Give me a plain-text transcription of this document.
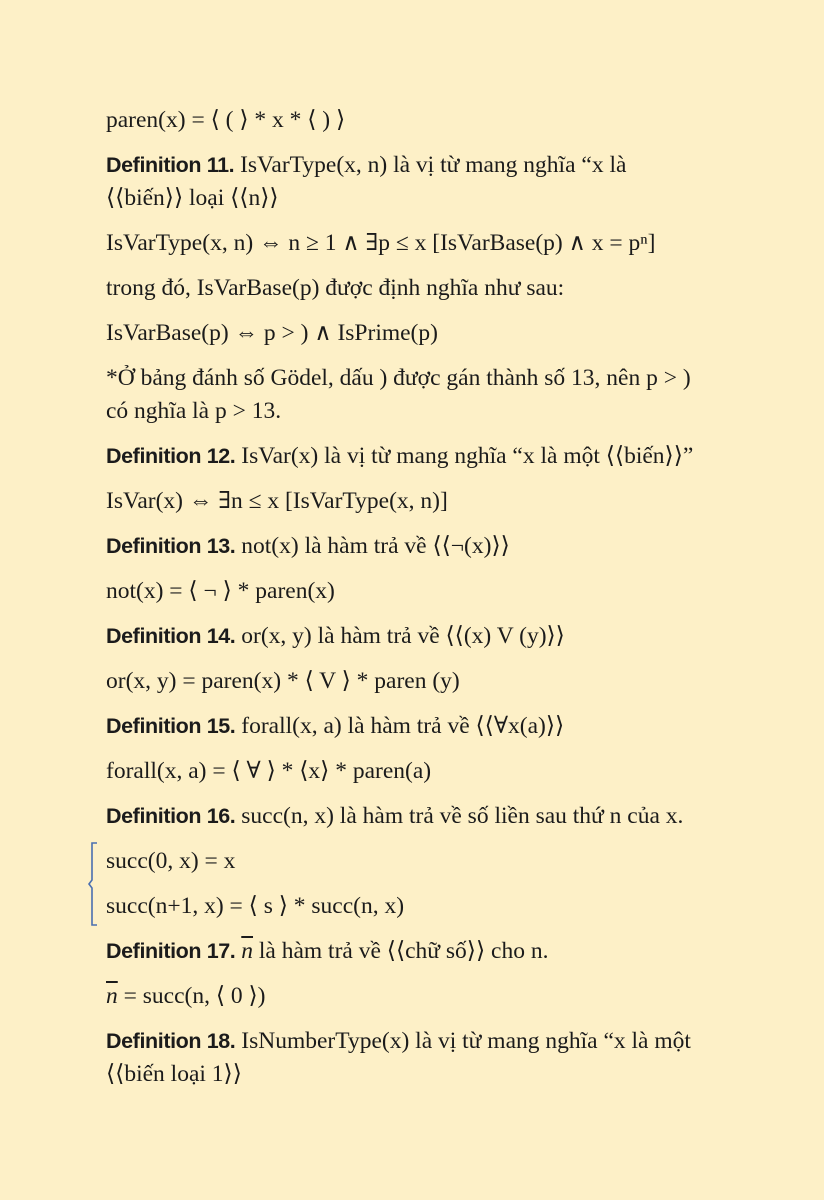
paren(x) = ⟨ ( ⟩ * x * ⟨ ) ⟩
Definition 11. IsVarType(x, n) là vị từ mang nghĩa “x là
⟨⟨biến⟩⟩ loại ⟨⟨n⟩⟩
IsVarType(x, n) ⇔ n ≥ 1 ∧ ∃p ≤ x [IsVarBase(p) ∧ x = pⁿ]
trong đó, IsVarBase(p) được định nghĩa như sau:
IsVarBase(p) ⇔ p > ) ∧ IsPrime(p)
*Ở bảng đánh số Gödel, dấu ) được gán thành số 13, nên p > )
có nghĩa là p > 13.
Definition 12. IsVar(x) là vị từ mang nghĩa “x là một ⟨⟨biến⟩⟩”
IsVar(x) ⇔ ∃n ≤ x [IsVarType(x, n)]
Definition 13. not(x) là hàm trả về ⟨⟨¬(x)⟩⟩
not(x) = ⟨ ¬ ⟩ * paren(x)
Definition 14. or(x, y) là hàm trả về ⟨⟨(x) V (y)⟩⟩
or(x, y) = paren(x) * ⟨ V ⟩ * paren (y)
Definition 15. forall(x, a) là hàm trả về ⟨⟨∀x(a)⟩⟩
forall(x, a) = ⟨ ∀ ⟩ * ⟨x⟩ * paren(a)
Definition 16. succ(n, x) là hàm trả về số liền sau thứ n của x.
succ(0, x) = x
succ(n+1, x) = ⟨ s ⟩ * succ(n, x)
Definition 17. $\overline{n}$ là hàm trả về ⟨⟨chữ số⟩⟩ cho n.
$\overline{n}$ = succ(n, ⟨ 0 ⟩)
Definition 18. IsNumberType(x) là vị từ mang nghĩa “x là một
⟨⟨biến loại 1⟩⟩
